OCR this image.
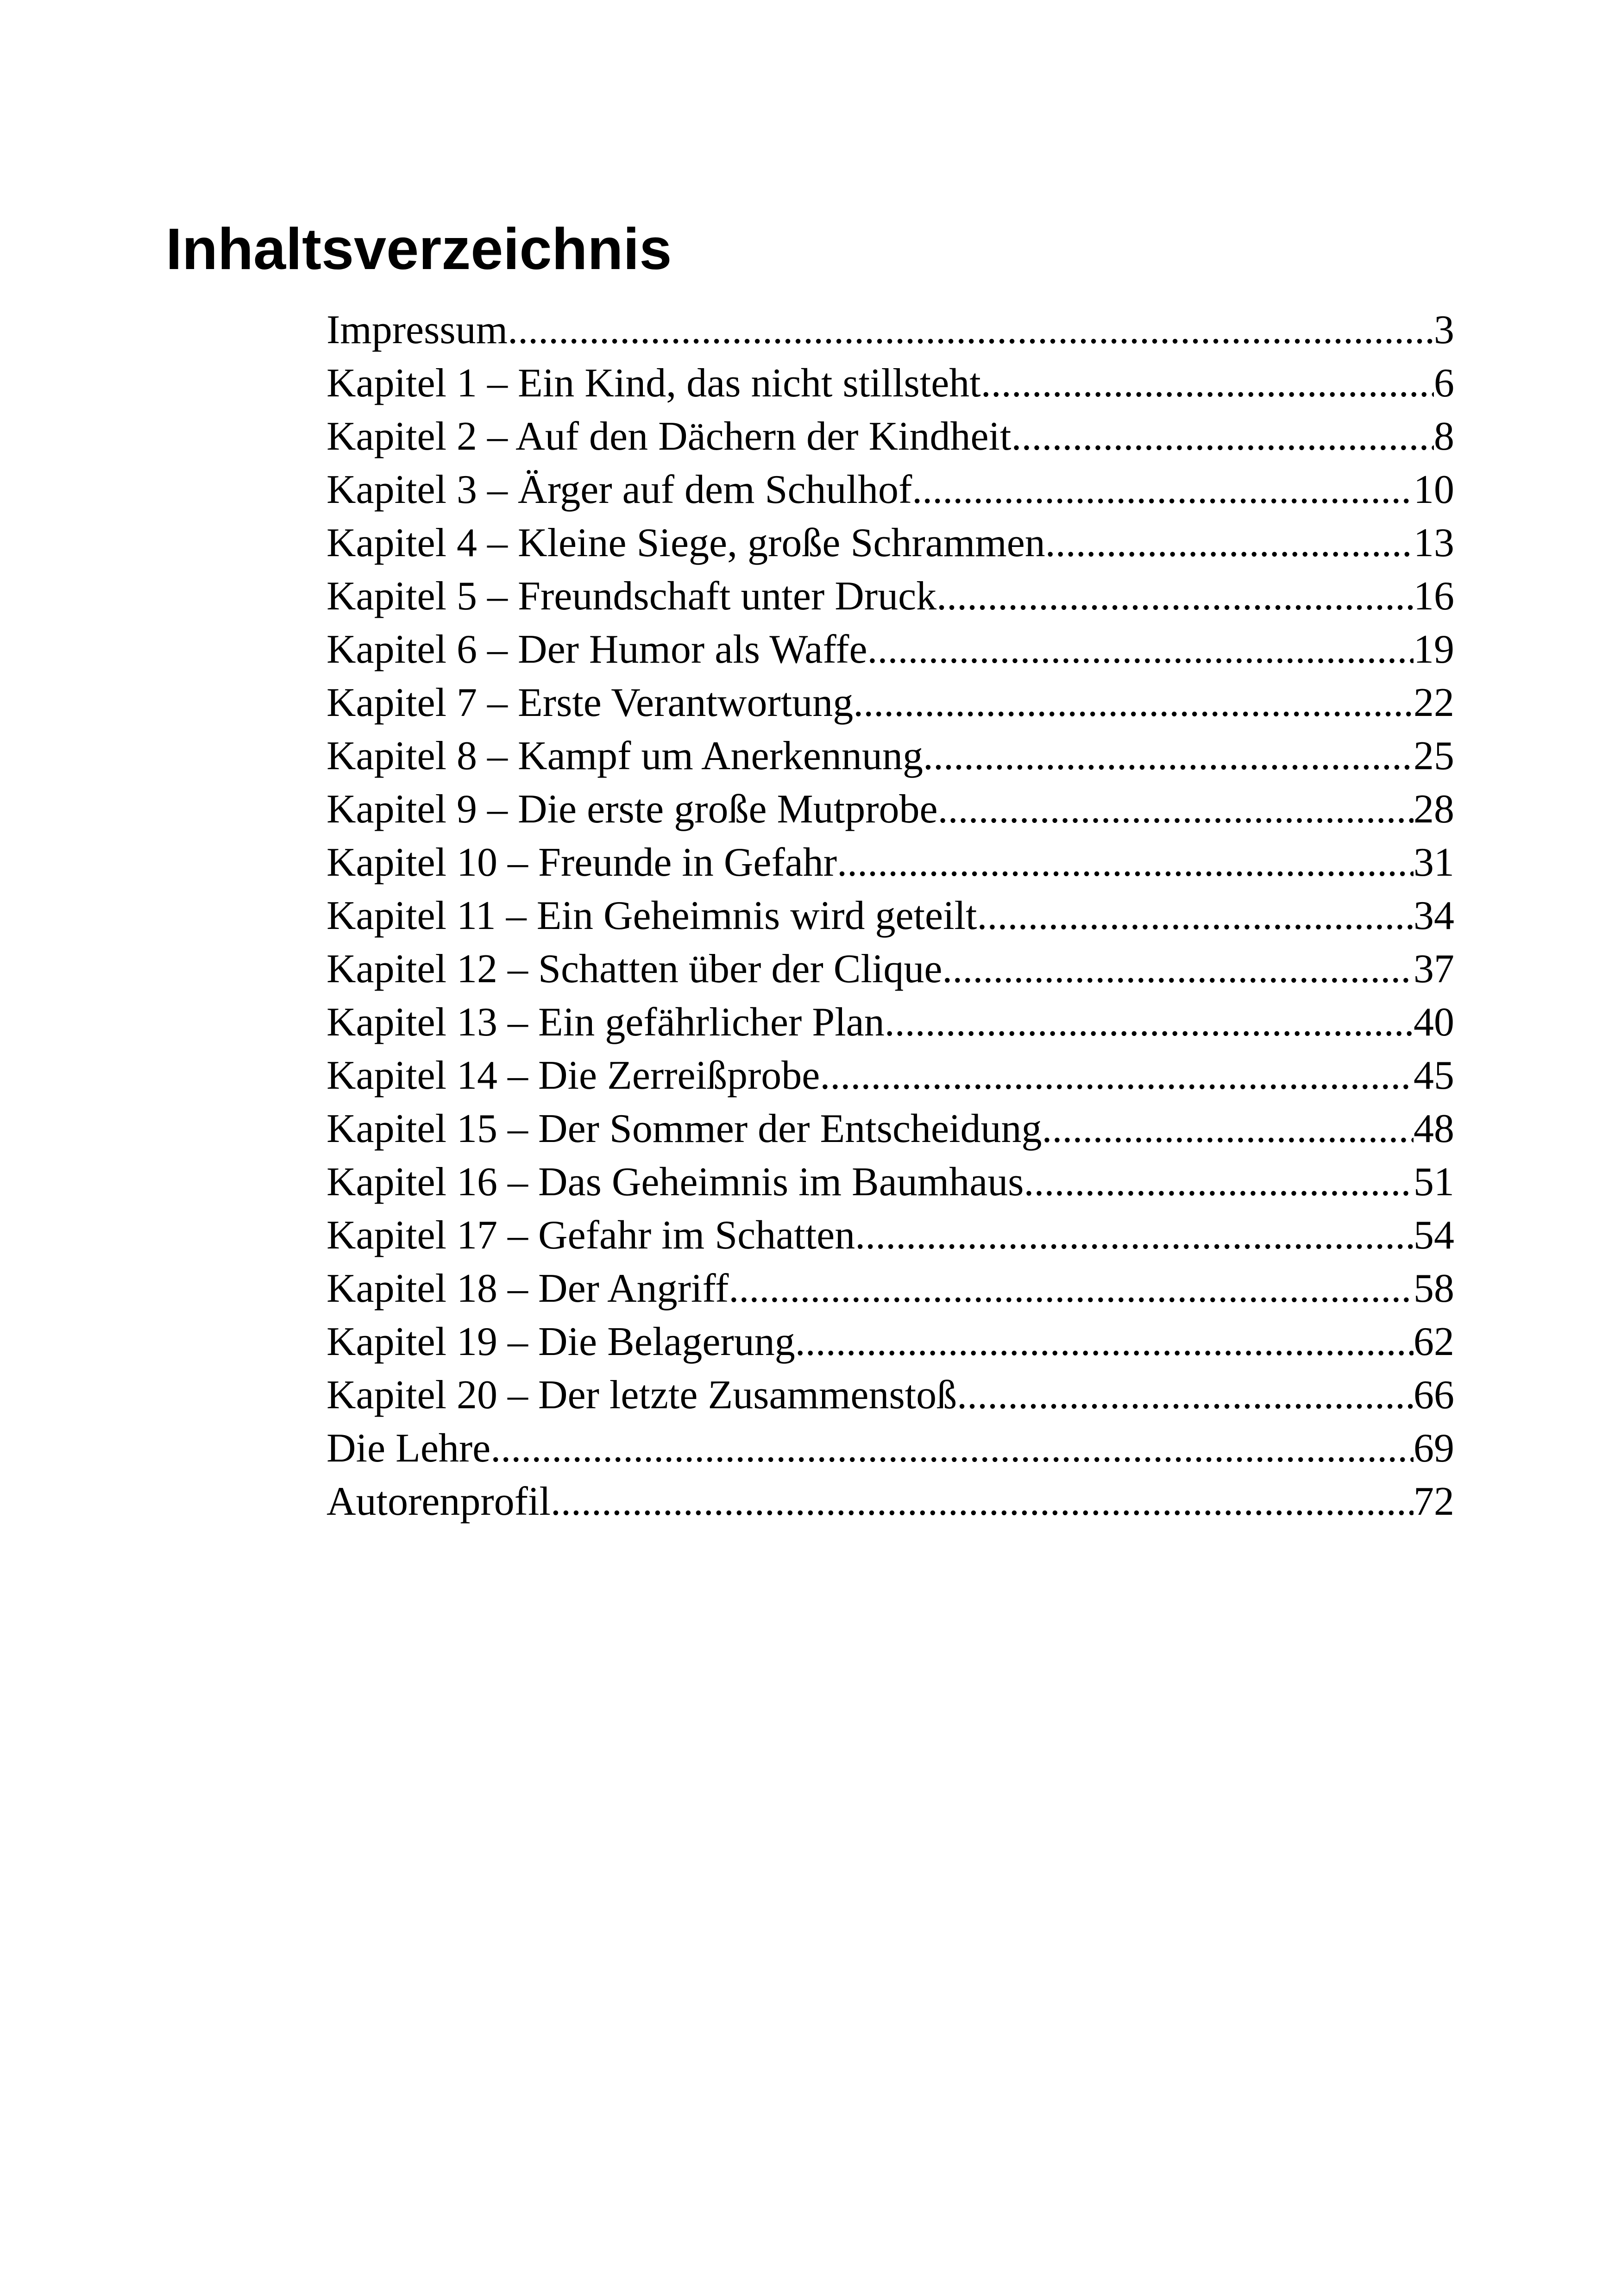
Inhaltsverzeichnis
Impressum .....	3
Kapitel 1 – Ein Kind, das nicht stillsteht .....	6
Kapitel 2 – Auf den Dächern der Kindheit .....	8
Kapitel 3 – Ärger auf dem Schulhof .....	10
Kapitel 4 – Kleine Siege, große Schrammen .....	13
Kapitel 5 – Freundschaft unter Druck .....	16
Kapitel 6 – Der Humor als Waffe .....	19
Kapitel 7 – Erste Verantwortung .....	22
Kapitel 8 – Kampf um Anerkennung .....	25
Kapitel 9 – Die erste große Mutprobe .....	28
Kapitel 10 – Freunde in Gefahr .....	31
Kapitel 11 – Ein Geheimnis wird geteilt .....	34
Kapitel 12 – Schatten über der Clique .....	37
Kapitel 13 – Ein gefährlicher Plan .....	40
Kapitel 14 – Die Zerreißprobe .....	45
Kapitel 15 – Der Sommer der Entscheidung .....	48
Kapitel 16 – Das Geheimnis im Baumhaus .....	51
Kapitel 17 – Gefahr im Schatten .....	54
Kapitel 18 – Der Angriff .....	58
Kapitel 19 – Die Belagerung .....	62
Kapitel 20 – Der letzte Zusammenstoß .....	66
Die Lehre .....	69
Autorenprofil .....	72
